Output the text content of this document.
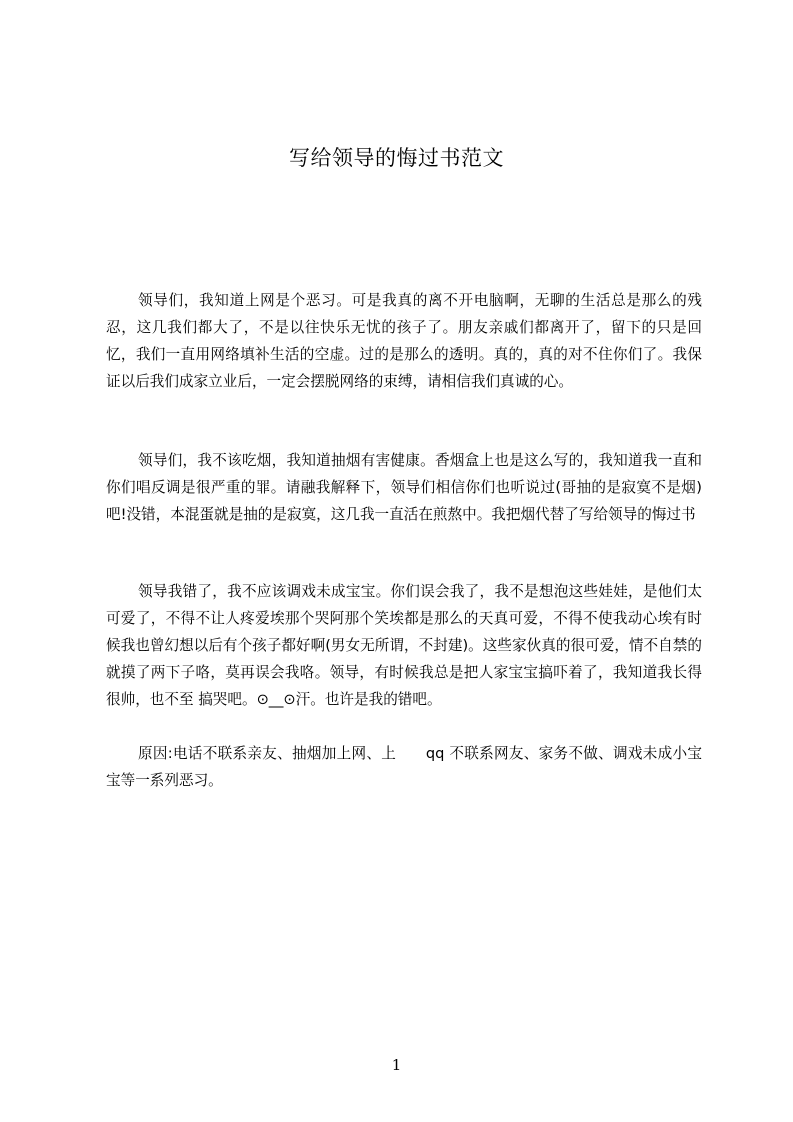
写给领导的悔过书范文

领导们，我知道上网是个恶习。可是我真的离不开电脑啊，无聊的生活总是那么的残忍，这几我们都大了，不是以往快乐无忧的孩子了。朋友亲戚们都离开了，留下的只是回忆，我们一直用网络填补生活的空虚。过的是那么的透明。真的，真的对不住你们了。我保证以后我们成家立业后，一定会摆脱网络的束缚，请相信我们真诚的心。

领导们，我不该吃烟，我知道抽烟有害健康。香烟盒上也是这么写的，我知道我一直和你们唱反调是很严重的罪。请融我解释下，领导们相信你们也听说过(哥抽的是寂寞不是烟)吧!没错，本混蛋就是抽的是寂寞，这几我一直活在煎熬中。我把烟代替了写给领导的悔过书

领导我错了，我不应该调戏未成宝宝。你们误会我了，我不是想泡这些娃娃，是他们太可爱了，不得不让人疼爱埃那个哭阿那个笑埃都是那么的天真可爱，不得不使我动心埃有时候我也曾幻想以后有个孩子都好啊(男女无所谓，不封建)。这些家伙真的很可爱，情不自禁的就摸了两下子咯，莫再误会我咯。领导，有时候我总是把人家宝宝搞吓着了，我知道我长得很帅，也不至 搞哭吧。⊙__⊙汗。也许是我的错吧。

原因:电话不联系亲友、抽烟加上网、上　　qq 不联系网友、家务不做、调戏未成小宝宝等一系列恶习。

1
